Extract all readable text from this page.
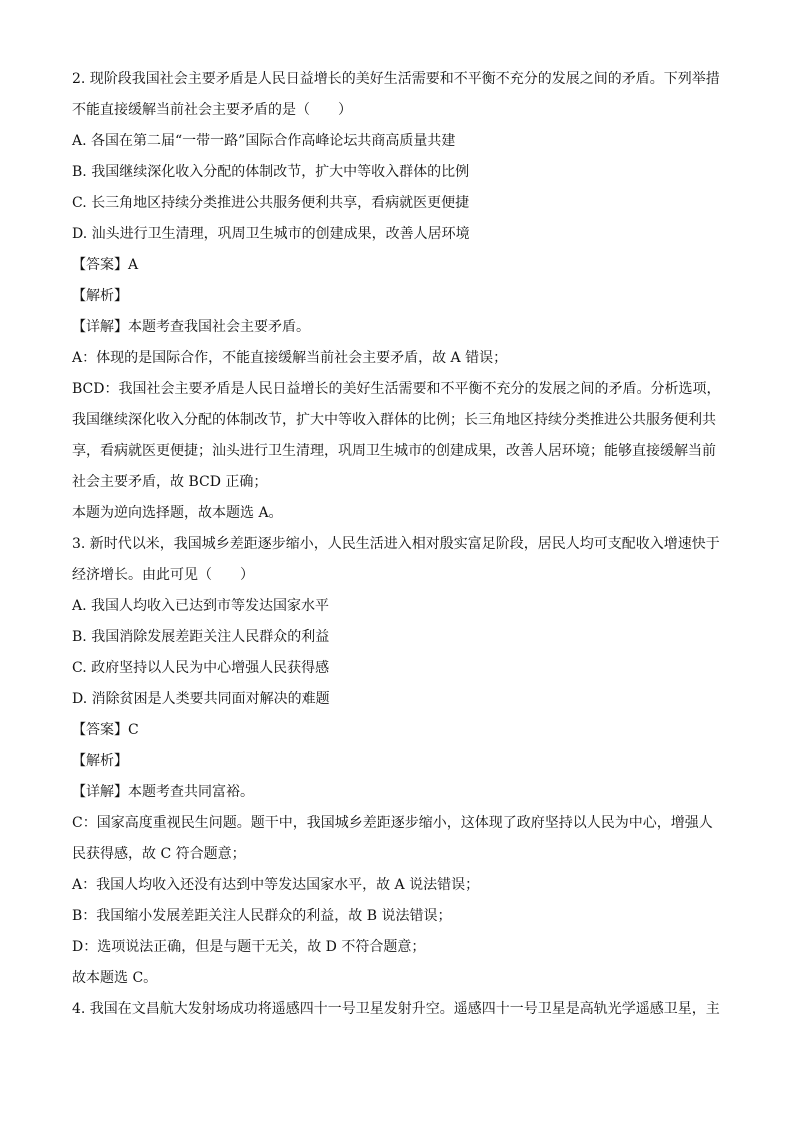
2. 现阶段我国社会主要矛盾是人民日益增长的美好生活需要和不平衡不充分的发展之间的矛盾。下列举措
不能直接缓解当前社会主要矛盾的是（　　）
A. 各国在第二届“一带一路”国际合作高峰论坛共商高质量共建
B. 我国继续深化收入分配的体制改节，扩大中等收入群体的比例
C. 长三角地区持续分类推进公共服务便利共享，看病就医更便捷
D. 汕头进行卫生清理，巩周卫生城市的创建成果，改善人居环境
【答案】A
【解析】
【详解】本题考查我国社会主要矛盾。
A：体现的是国际合作，不能直接缓解当前社会主要矛盾，故 A 错误；
BCD：我国社会主要矛盾是人民日益增长的美好生活需要和不平衡不充分的发展之间的矛盾。分析选项，
我国继续深化收入分配的体制改节，扩大中等收入群体的比例；长三角地区持续分类推进公共服务便利共
享，看病就医更便捷；汕头进行卫生清理，巩周卫生城市的创建成果，改善人居环境；能够直接缓解当前
社会主要矛盾，故 BCD 正确；
本题为逆向选择题，故本题选 A。
3. 新时代以米，我国城乡差距逐步缩小，人民生活进入相对殷实富足阶段，居民人均可支配收入增速快于
经济增长。由此可见（　　）
A. 我国人均收入已达到市等发达国家水平
B. 我国消除发展差距关注人民群众的利益
C. 政府坚持以人民为中心增强人民获得感
D. 消除贫困是人类要共同面对解决的难题
【答案】C
【解析】
【详解】本题考查共同富裕。
C：国家高度重视民生问题。题干中，我国城乡差距逐步缩小，这体现了政府坚持以人民为中心，增强人
民获得感，故 C 符合题意；
A：我国人均收入还没有达到中等发达国家水平，故 A 说法错误；
B：我国缩小发展差距关注人民群众的利益，故 B 说法错误；
D：选项说法正确，但是与题干无关，故 D 不符合题意；
故本题选 C。
4. 我国在文昌航大发射场成功将遥感四十一号卫星发射升空。遥感四十一号卫星是高轨光学遥感卫星，主
